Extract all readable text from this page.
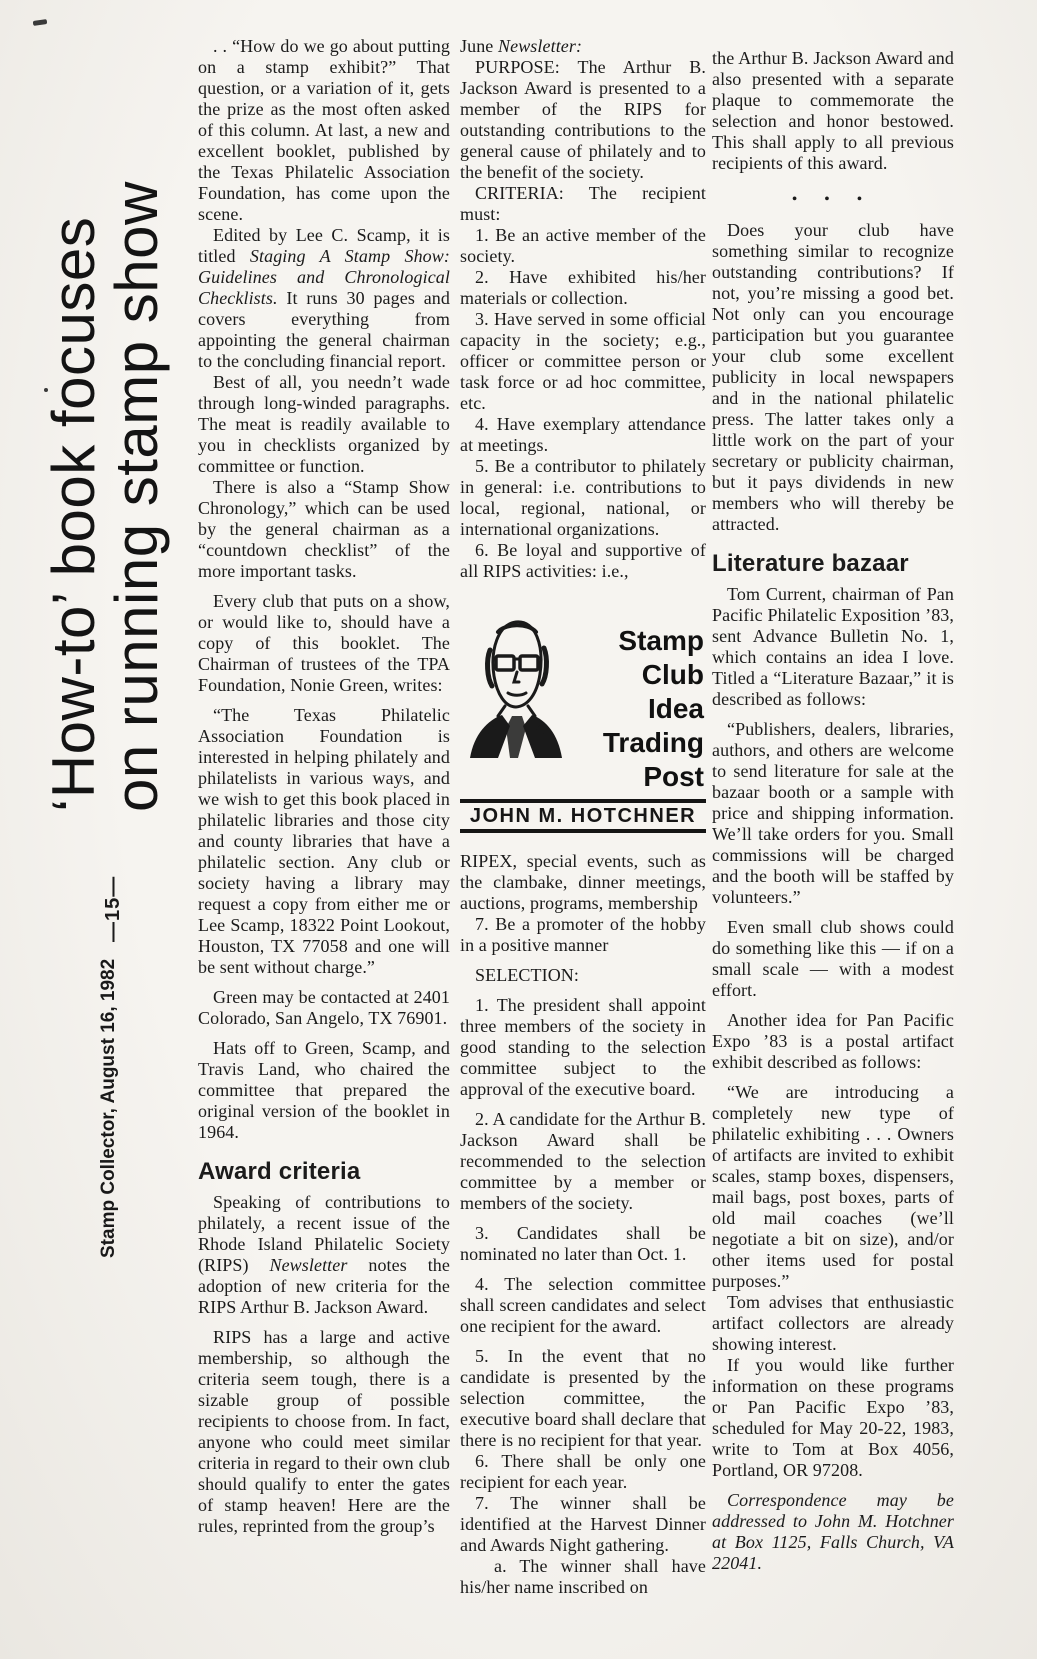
‘How-to’ book focuses
on running stamp show
Stamp Collector, August 16, 1982
—15—

. . “How do we go about putting on a stamp exhibit?” That question, or a variation of it, gets the prize as the most often asked of this column. At last, a new and excellent booklet, published by the Texas Philatelic Association Foundation, has come upon the scene.

Edited by Lee C. Scamp, it is titled Staging A Stamp Show: Guidelines and Chronological Checklists. It runs 30 pages and covers everything from appointing the general chairman to the concluding financial report.

Best of all, you needn’t wade through long-winded paragraphs. The meat is readily available to you in checklists organized by committee or function.

There is also a “Stamp Show Chronology,” which can be used by the general chairman as a “countdown checklist” of the more important tasks.

Every club that puts on a show, or would like to, should have a copy of this booklet. The Chairman of trustees of the TPA Foundation, Nonie Green, writes:

“The Texas Philatelic Association Foundation is interested in helping philately and philatelists in various ways, and we wish to get this book placed in philatelic libraries and those city and county libraries that have a philatelic section. Any club or society having a library may request a copy from either me or Lee Scamp, 18322 Point Lookout, Houston, TX 77058 and one will be sent without charge.”

Green may be contacted at 2401 Colorado, San Angelo, TX 76901.

Hats off to Green, Scamp, and Travis Land, who chaired the committee that prepared the original version of the booklet in 1964.

Award criteria

Speaking of contributions to philately, a recent issue of the Rhode Island Philatelic Society (RIPS) Newsletter notes the adoption of new criteria for the RIPS Arthur B. Jackson Award.

RIPS has a large and active membership, so although the criteria seem tough, there is a sizable group of possible recipients to choose from. In fact, anyone who could meet similar criteria in regard to their own club should qualify to enter the gates of stamp heaven! Here are the rules, reprinted from the group’s

June Newsletter:

PURPOSE: The Arthur B. Jackson Award is presented to a member of the RIPS for outstanding contributions to the general cause of philately and to the benefit of the society.

CRITERIA: The recipient must:

1. Be an active member of the society.

2. Have exhibited his/her materials or collection.

3. Have served in some official capacity in the society; e.g., officer or committee person or task force or ad hoc committee, etc.

4. Have exemplary attendance at meetings.

5. Be a contributor to philately in general: i.e. contributions to local, regional, national, or international organizations.

6. Be loyal and supportive of all RIPS activities: i.e.,

Stamp Club
Idea
Trading
Post
JOHN M. HOTCHNER

RIPEX, special events, such as the clambake, dinner meetings, auctions, programs, membership

7. Be a promoter of the hobby in a positive manner

SELECTION:

1. The president shall appoint three members of the society in good standing to the selection committee subject to the approval of the executive board.

2. A candidate for the Arthur B. Jackson Award shall be recommended to the selection committee by a member or members of the society.

3. Candidates shall be nominated no later than Oct. 1.

4. The selection committee shall screen candidates and select one recipient for the award.

5. In the event that no candidate is presented by the selection committee, the executive board shall declare that there is no recipient for that year.

6. There shall be only one recipient for each year.

7. The winner shall be identified at the Harvest Dinner and Awards Night gathering.

a. The winner shall have his/her name inscribed on

the Arthur B. Jackson Award and also presented with a separate plaque to commemorate the selection and honor bestowed. This shall apply to all previous recipients of this award.

• • •

Does your club have something similar to recognize outstanding contributions? If not, you’re missing a good bet. Not only can you encourage participation but you guarantee your club some excellent publicity in local newspapers and in the national philatelic press. The latter takes only a little work on the part of your secretary or publicity chairman, but it pays dividends in new members who will thereby be attracted.

Literature bazaar

Tom Current, chairman of Pan Pacific Philatelic Exposition ’83, sent Advance Bulletin No. 1, which contains an idea I love. Titled a “Literature Bazaar,” it is described as follows:

“Publishers, dealers, libraries, authors, and others are welcome to send literature for sale at the bazaar booth or a sample with price and shipping information. We’ll take orders for you. Small commissions will be charged and the booth will be staffed by volunteers.”

Even small club shows could do something like this — if on a small scale — with a modest effort.

Another idea for Pan Pacific Expo ’83 is a postal artifact exhibit described as follows:

“We are introducing a completely new type of philatelic exhibiting . . . Owners of artifacts are invited to exhibit scales, stamp boxes, dispensers, mail bags, post boxes, parts of old mail coaches (we’ll negotiate a bit on size), and/or other items used for postal purposes.”

Tom advises that enthusiastic artifact collectors are already showing interest.

If you would like further information on these programs or Pan Pacific Expo ’83, scheduled for May 20-22, 1983, write to Tom at Box 4056, Portland, OR 97208.

Correspondence may be addressed to John M. Hotchner at Box 1125, Falls Church, VA 22041.
